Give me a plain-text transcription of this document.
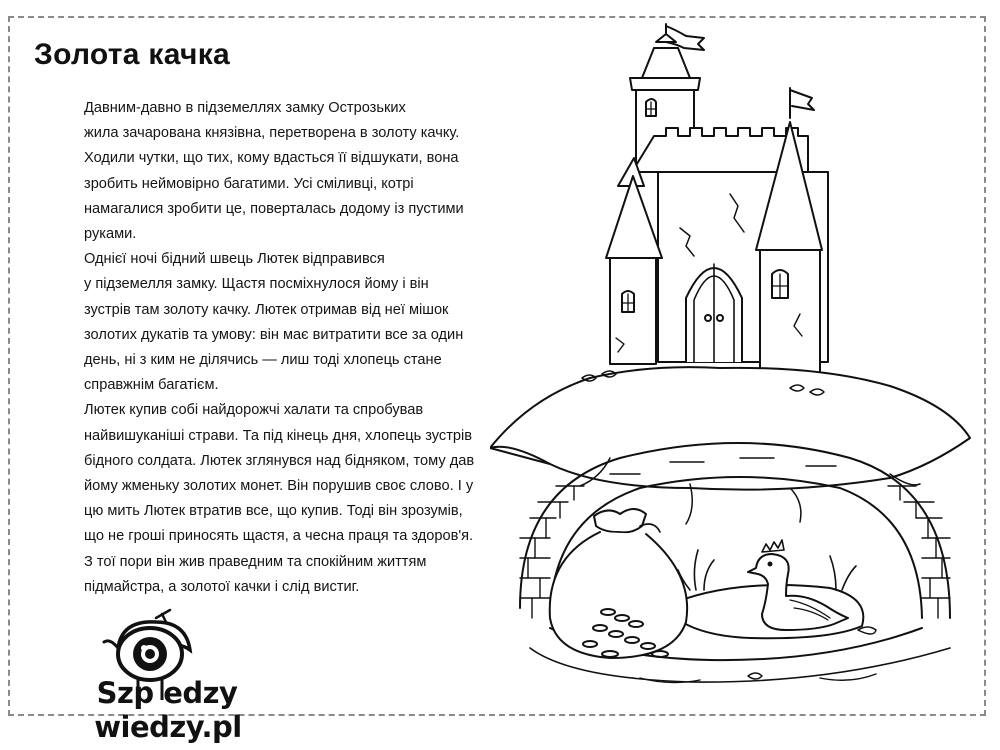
Золота качка

Давним-давно в підземеллях замку Острозьких
жила зачарована князівна, перетворена в золоту качку.
Ходили чутки, що тих, кому вдасться її відшукати, вона
зробить неймовірно багатими. Усі сміливці, котрі
намагалися зробити це, поверталась додому із пустими
руками.

Однієї ночі бідний швець Лютек відправився
у підземелля замку. Щастя посміхнулося йому і він
зустрів там золоту качку. Лютек отримав від неї мішок
золотих дукатів та умову: він має витратити все за один
день, ні з ким не ділячись — лиш тоді хлопець стане
справжнім багатієм.

Лютек купив собі найдорожчі халати та спробував
найвишуканіші страви. Та під кінець дня, хлопець зустрів
бідного солдата. Лютек зглянувся над бідняком, тому дав
йому жменьку золотих монет. Він порушив своє слово. І у
цю мить Лютек втратив все, що купив. Тоді він зрозумів,
що не гроші приносять щастя, а чесна праця та здоров'я.
З тої пори він жив праведним та спокійним життям
підмайстра, а золотої качки і слід вистиг.

Szp edzy
wiedzy.pl
